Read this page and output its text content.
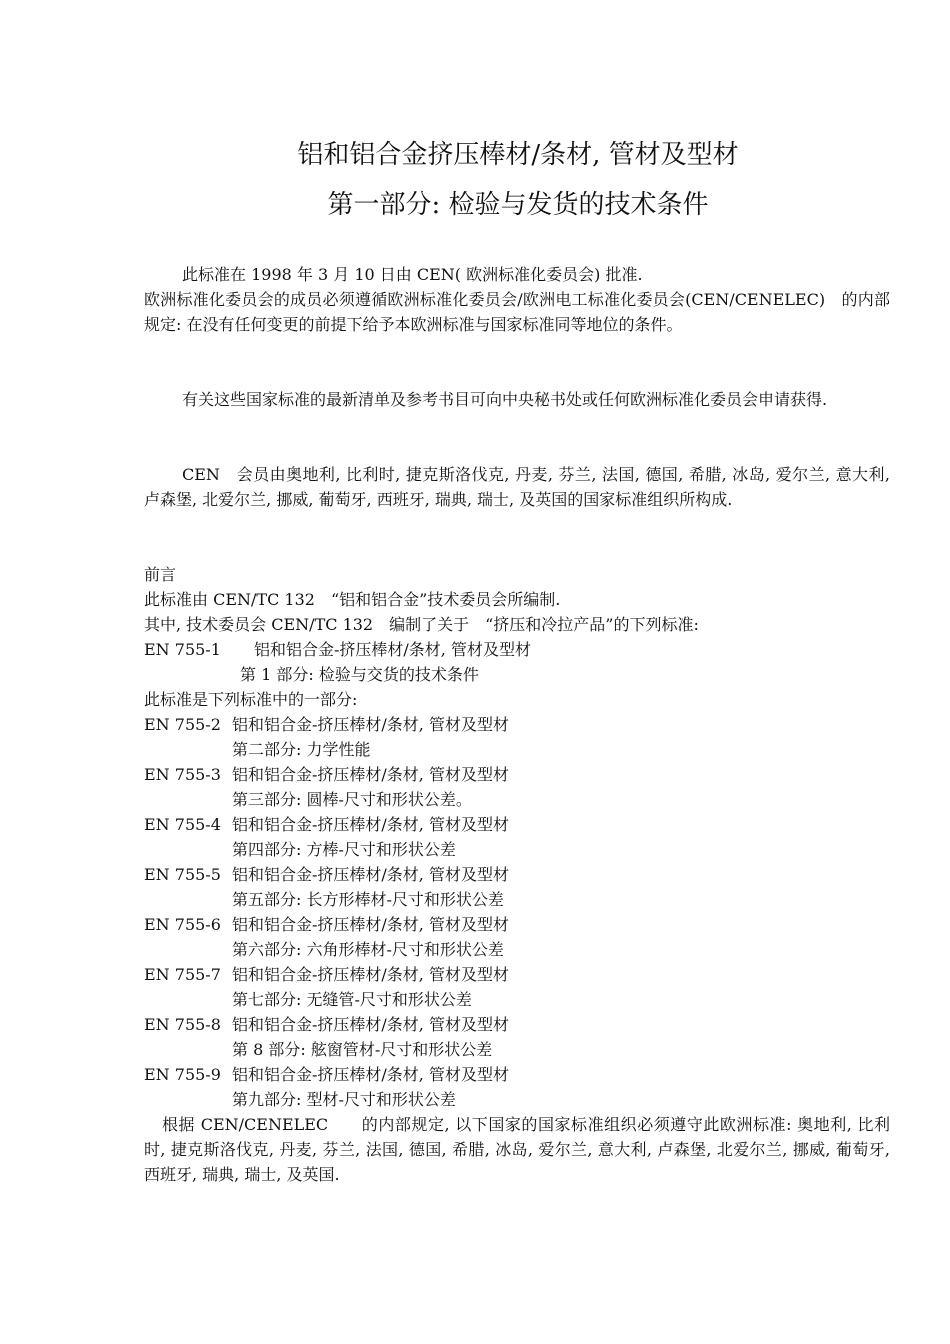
铝和铝合金挤压棒材/条材, 管材及型材
第一部分: 检验与发货的技术条件
此标准在 1998 年 3 月 10 日由 CEN( 欧洲标准化委员会) 批准.
欧洲标准化委员会的成员必须遵循欧洲标准化委员会/欧洲电工标准化委员会(CEN/CENELEC)　的内部规定: 在没有任何变更的前提下给予本欧洲标准与国家标准同等地位的条件。
有关这些国家标准的最新清单及参考书目可向中央秘书处或任何欧洲标准化委员会申请获得.
CEN　会员由奥地利, 比利时, 捷克斯洛伐克, 丹麦, 芬兰, 法国, 德国, 希腊, 冰岛, 爱尔兰, 意大利, 卢森堡, 北爱尔兰, 挪威, 葡萄牙, 西班牙, 瑞典, 瑞士, 及英国的国家标准组织所构成.
前言
此标准由 CEN/TC 132　“铝和铝合金”技术委员会所编制.
其中, 技术委员会 CEN/TC 132　编制了关于　“挤压和冷拉产品”的下列标准:
EN 755-1 铝和铝合金-挤压棒材/条材, 管材及型材
第 1 部分: 检验与交货的技术条件
此标准是下列标准中的一部分:
EN 755-2 铝和铝合金-挤压棒材/条材, 管材及型材
第二部分: 力学性能
EN 755-3 铝和铝合金-挤压棒材/条材, 管材及型材
第三部分: 圆棒-尺寸和形状公差。
EN 755-4 铝和铝合金-挤压棒材/条材, 管材及型材
第四部分: 方棒-尺寸和形状公差
EN 755-5 铝和铝合金-挤压棒材/条材, 管材及型材
第五部分: 长方形棒材-尺寸和形状公差
EN 755-6 铝和铝合金-挤压棒材/条材, 管材及型材
第六部分: 六角形棒材-尺寸和形状公差
EN 755-7 铝和铝合金-挤压棒材/条材, 管材及型材
第七部分: 无缝管-尺寸和形状公差
EN 755-8 铝和铝合金-挤压棒材/条材, 管材及型材
第 8 部分: 舷窗管材-尺寸和形状公差
EN 755-9 铝和铝合金-挤压棒材/条材, 管材及型材
第九部分: 型材-尺寸和形状公差
根据 CEN/CENELEC　　的内部规定, 以下国家的国家标准组织必须遵守此欧洲标准: 奥地利, 比利时, 捷克斯洛伐克, 丹麦, 芬兰, 法国, 德国, 希腊, 冰岛, 爱尔兰, 意大利, 卢森堡, 北爱尔兰, 挪威, 葡萄牙, 西班牙, 瑞典, 瑞士, 及英国.
